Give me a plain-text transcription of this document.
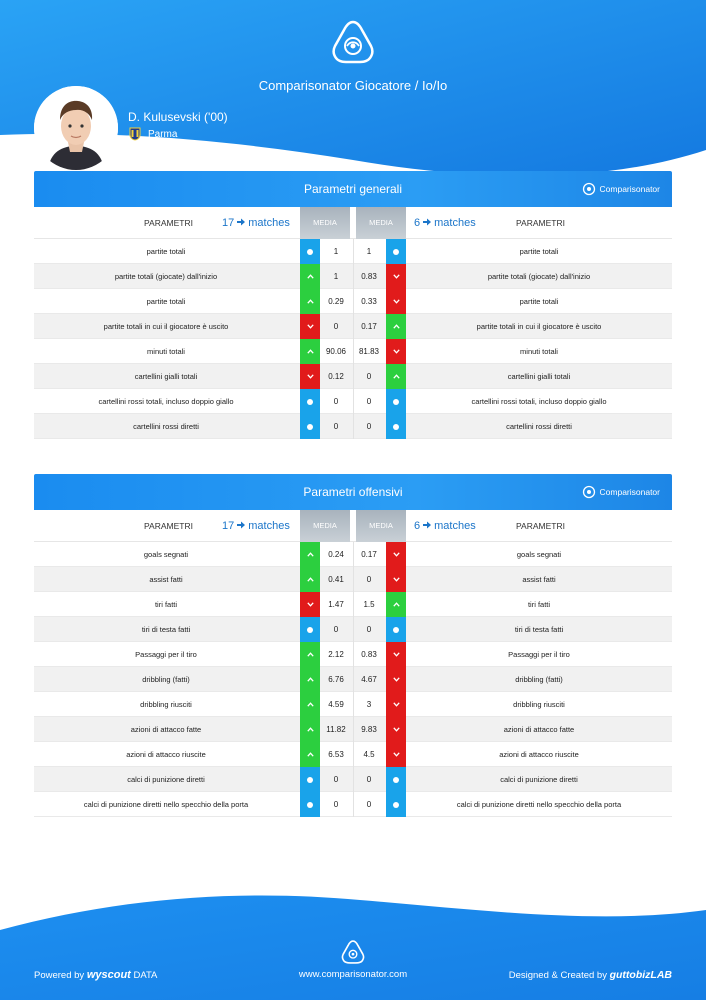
Comparisonator Giocatore / Io/Io
D. Kulusevski ('00)
Parma
Parametri generali	Comparisonator
PARAMETRI	17 matches	MEDIA	MEDIA	6 matches	PARAMETRI
partite totali	1	1	partite totali
partite totali (giocate) dall'inizio	1	0.83	partite totali (giocate) dall'inizio
partite totali	0.29	0.33	partite totali
partite totali in cui il giocatore è uscito	0	0.17	partite totali in cui il giocatore è uscito
minuti totali	90.06	81.83	minuti totali
cartellini gialli totali	0.12	0	cartellini gialli totali
cartellini rossi totali, incluso doppio giallo	0	0	cartellini rossi totali, incluso doppio giallo
cartellini rossi diretti	0	0	cartellini rossi diretti
Parametri offensivi	Comparisonator
PARAMETRI	17 matches	MEDIA	MEDIA	6 matches	PARAMETRI
goals segnati	0.24	0.17	goals segnati
assist fatti	0.41	0	assist fatti
tiri fatti	1.47	1.5	tiri fatti
tiri di testa fatti	0	0	tiri di testa fatti
Passaggi per il tiro	2.12	0.83	Passaggi per il tiro
dribbling (fatti)	6.76	4.67	dribbling (fatti)
dribbling riusciti	4.59	3	dribbling riusciti
azioni di attacco fatte	11.82	9.83	azioni di attacco fatte
azioni di attacco riuscite	6.53	4.5	azioni di attacco riuscite
calci di punizione diretti	0	0	calci di punizione diretti
calci di punizione diretti nello specchio della porta	0	0	calci di punizione diretti nello specchio della porta
Powered by wyscout DATA	www.comparisonator.com	Designed & Created by guttobizLAB
